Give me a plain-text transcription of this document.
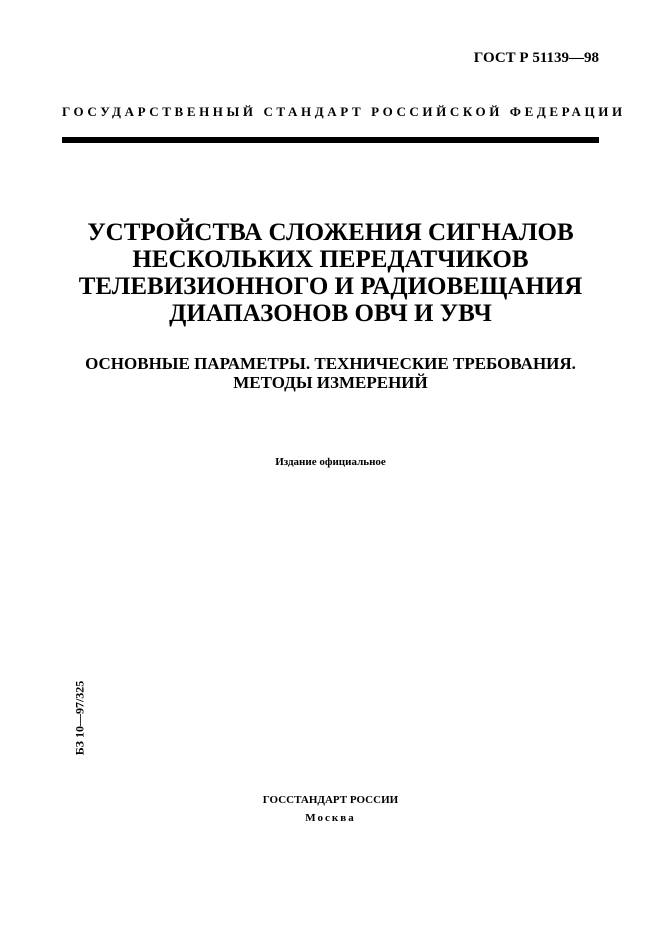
ГОСТ Р 51139—98
ГОСУДАРСТВЕННЫЙ СТАНДАРТ РОССИЙСКОЙ ФЕДЕРАЦИИ
УСТРОЙСТВА СЛОЖЕНИЯ СИГНАЛОВ
НЕСКОЛЬКИХ ПЕРЕДАТЧИКОВ
ТЕЛЕВИЗИОННОГО И РАДИОВЕЩАНИЯ
ДИАПАЗОНОВ ОВЧ И УВЧ
ОСНОВНЫЕ ПАРАМЕТРЫ. ТЕХНИЧЕСКИЕ ТРЕБОВАНИЯ.
МЕТОДЫ ИЗМЕРЕНИЙ
Издание официальное
БЗ 10—97/325
ГОССТАНДАРТ РОССИИ
Москва
